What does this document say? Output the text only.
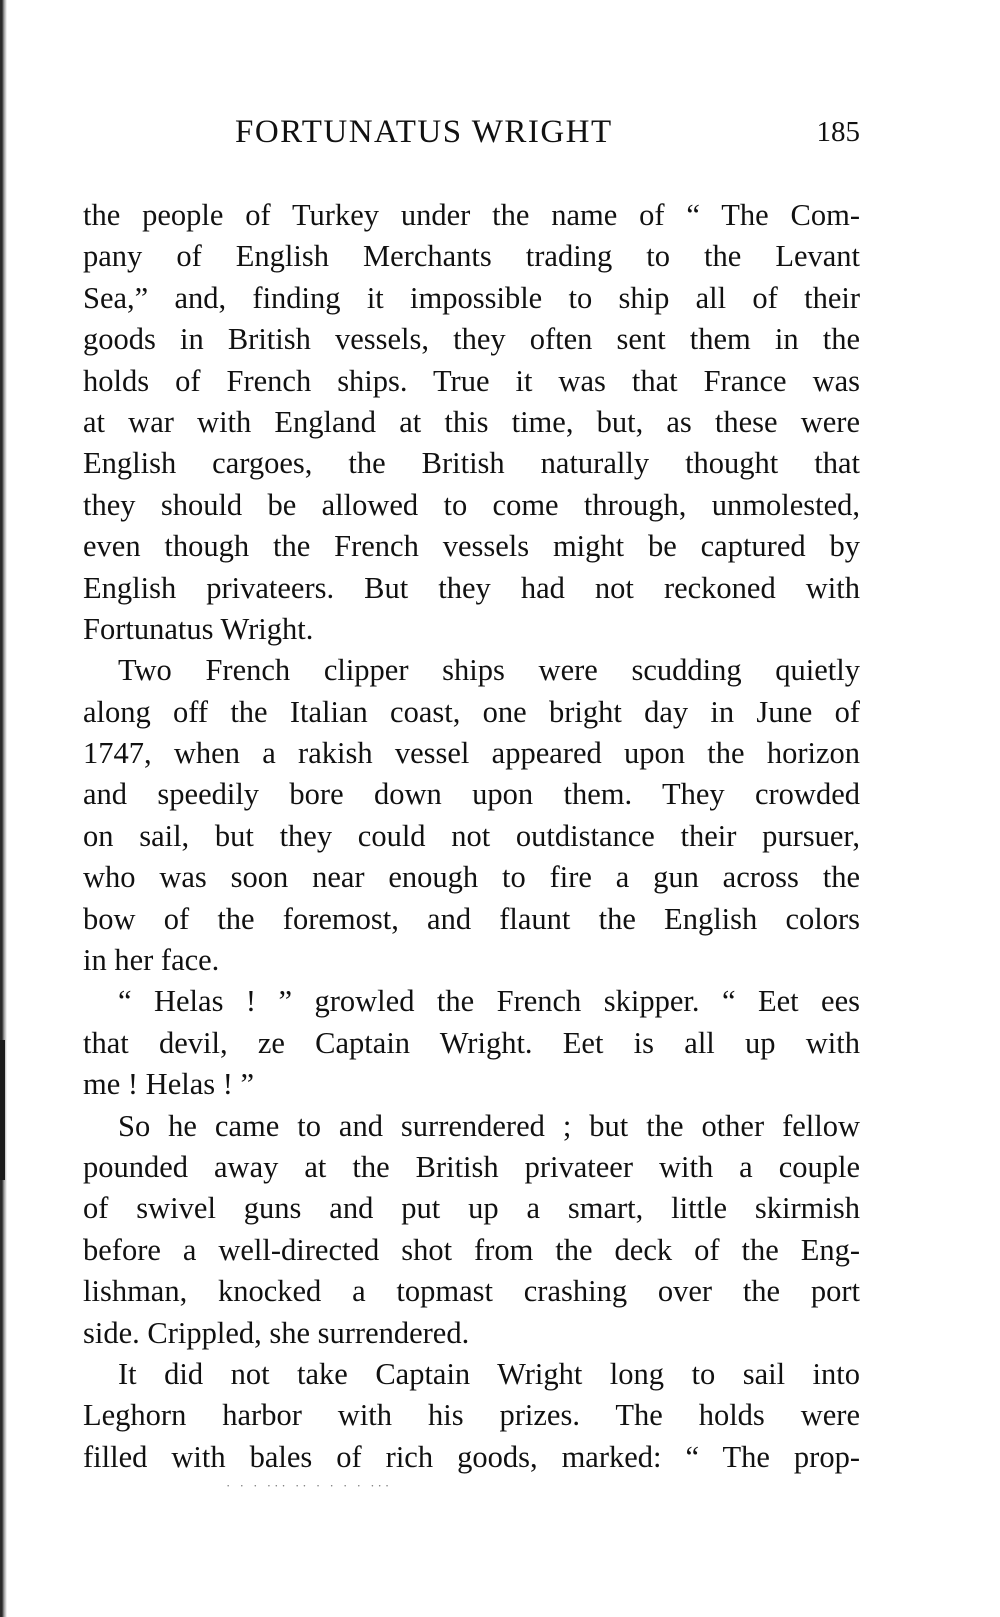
FORTUNATUS WRIGHT	185
the people of Turkey under the name of “ The Com-
pany of English Merchants trading to the Levant
Sea,” and, finding it impossible to ship all of their
goods in British vessels, they often sent them in the
holds of French ships. True it was that France was
at war with England at this time, but, as these were
English cargoes, the British naturally thought that
they should be allowed to come through, unmolested,
even though the French vessels might be captured by
English privateers. But they had not reckoned with
Fortunatus Wright.
Two French clipper ships were scudding quietly
along off the Italian coast, one bright day in June of
1747, when a rakish vessel appeared upon the horizon
and speedily bore down upon them. They crowded
on sail, but they could not outdistance their pursuer,
who was soon near enough to fire a gun across the
bow of the foremost, and flaunt the English colors
in her face.
“ Helas ! ” growled the French skipper. “ Eet ees
that devil, ze Captain Wright. Eet is all up with
me ! Helas ! ”
So he came to and surrendered ; but the other fellow
pounded away at the British privateer with a couple
of swivel guns and put up a smart, little skirmish
before a well-directed shot from the deck of the Eng-
lishman, knocked a topmast crashing over the port
side. Crippled, she surrendered.
It did not take Captain Wright long to sail into
Leghorn harbor with his prizes. The holds were
filled with bales of rich goods, marked: “ The prop-
· · · ··· ·· · · · · ···
